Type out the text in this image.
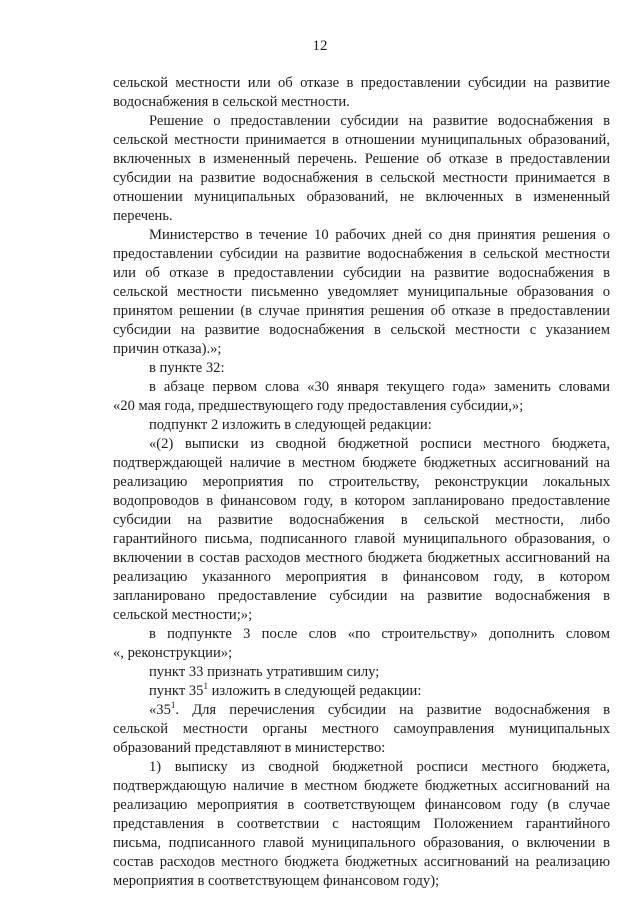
12
сельской местности или об отказе в предоставлении субсидии на развитие
водоснабжения в сельской местности.
Решение о предоставлении субсидии на развитие водоснабжения в
сельской местности принимается в отношении муниципальных образований,
включенных в измененный перечень. Решение об отказе в предоставлении
субсидии на развитие водоснабжения в сельской местности принимается в
отношении муниципальных образований, не включенных в измененный
перечень.
Министерство в течение 10 рабочих дней со дня принятия решения о
предоставлении субсидии на развитие водоснабжения в сельской местности
или об отказе в предоставлении субсидии на развитие водоснабжения в
сельской местности письменно уведомляет муниципальные образования о
принятом решении (в случае принятия решения об отказе в предоставлении
субсидии на развитие водоснабжения в сельской местности с указанием
причин отказа).»;
в пункте 32:
в абзаце первом слова «30 января текущего года» заменить словами
«20 мая года, предшествующего году предоставления субсидии,»;
подпункт 2 изложить в следующей редакции:
«(2) выписки из сводной бюджетной росписи местного бюджета,
подтверждающей наличие в местном бюджете бюджетных ассигнований на
реализацию мероприятия по строительству, реконструкции локальных
водопроводов в финансовом году, в котором запланировано предоставление
субсидии на развитие водоснабжения в сельской местности, либо
гарантийного письма, подписанного главой муниципального образования, о
включении в состав расходов местного бюджета бюджетных ассигнований на
реализацию указанного мероприятия в финансовом году, в котором
запланировано предоставление субсидии на развитие водоснабжения в
сельской местности;»;
в подпункте 3 после слов «по строительству» дополнить словом
«, реконструкции»;
пункт 33 признать утратившим силу;
пункт $35^1$ изложить в следующей редакции:
«$35^1$. Для перечисления субсидии на развитие водоснабжения в
сельской местности органы местного самоуправления муниципальных
образований представляют в министерство:
1) выписку из сводной бюджетной росписи местного бюджета,
подтверждающую наличие в местном бюджете бюджетных ассигнований на
реализацию мероприятия в соответствующем финансовом году (в случае
представления в соответствии с настоящим Положением гарантийного
письма, подписанного главой муниципального образования, о включении в
состав расходов местного бюджета бюджетных ассигнований на реализацию
мероприятия в соответствующем финансовом году);
